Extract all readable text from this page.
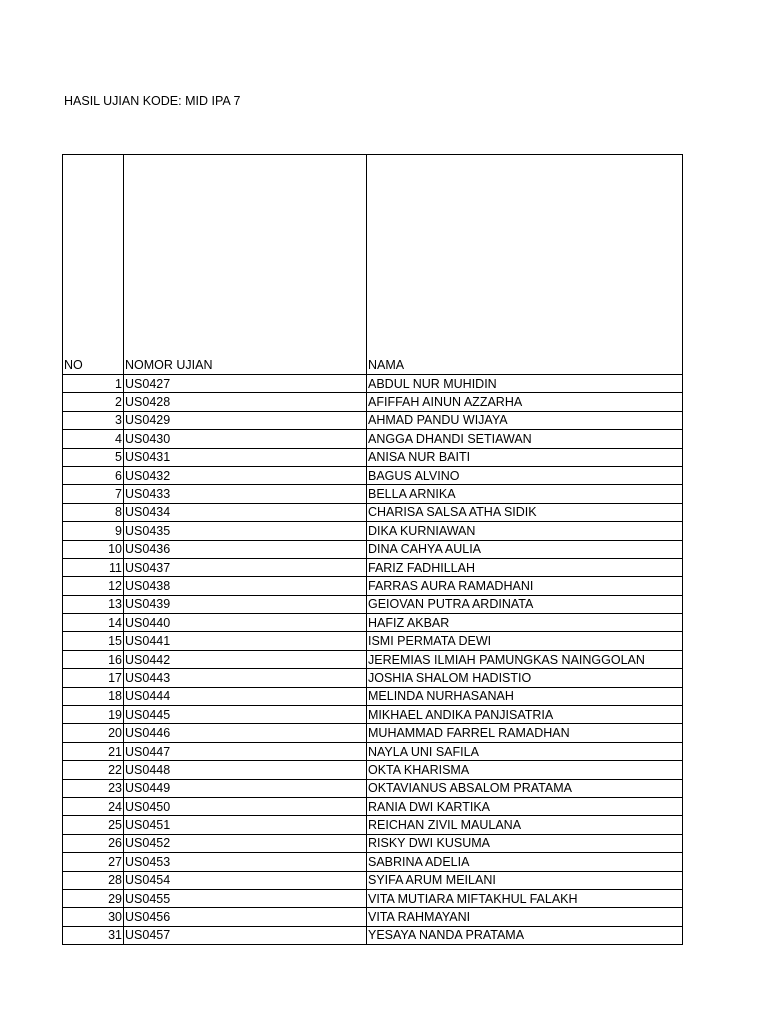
HASIL UJIAN KODE: MID IPA 7
NO	NOMOR UJIAN	NAMA
1	US0427	ABDUL NUR MUHIDIN
2	US0428	AFIFFAH AINUN AZZARHA
3	US0429	AHMAD PANDU WIJAYA
4	US0430	ANGGA DHANDI SETIAWAN
5	US0431	ANISA NUR BAITI
6	US0432	BAGUS ALVINO
7	US0433	BELLA ARNIKA
8	US0434	CHARISA SALSA ATHA SIDIK
9	US0435	DIKA KURNIAWAN
10	US0436	DINA CAHYA AULIA
11	US0437	FARIZ FADHILLAH
12	US0438	FARRAS AURA RAMADHANI
13	US0439	GEIOVAN PUTRA ARDINATA
14	US0440	HAFIZ AKBAR
15	US0441	ISMI PERMATA DEWI
16	US0442	JEREMIAS ILMIAH PAMUNGKAS NAINGGOLAN
17	US0443	JOSHIA SHALOM HADISTIO
18	US0444	MELINDA NURHASANAH
19	US0445	MIKHAEL ANDIKA PANJISATRIA
20	US0446	MUHAMMAD FARREL RAMADHAN
21	US0447	NAYLA UNI SAFILA
22	US0448	OKTA KHARISMA
23	US0449	OKTAVIANUS ABSALOM PRATAMA
24	US0450	RANIA DWI KARTIKA
25	US0451	REICHAN ZIVIL MAULANA
26	US0452	RISKY DWI KUSUMA
27	US0453	SABRINA ADELIA
28	US0454	SYIFA ARUM MEILANI
29	US0455	VITA MUTIARA MIFTAKHUL FALAKH
30	US0456	VITA RAHMAYANI
31	US0457	YESAYA NANDA PRATAMA
